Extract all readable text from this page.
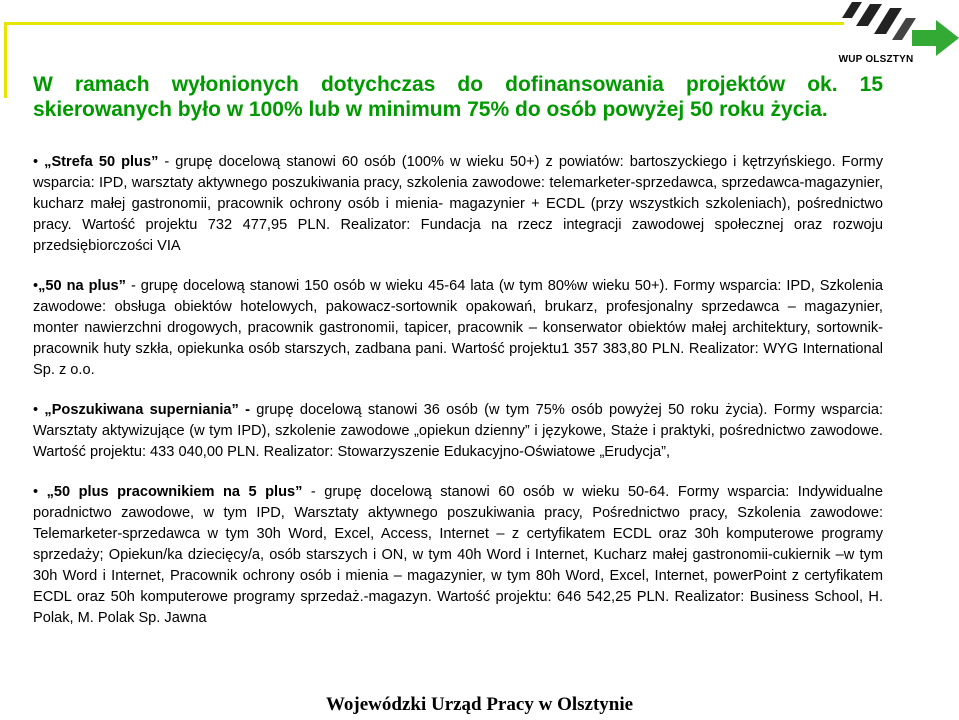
WUP OLSZTYN

W ramach wyłonionych dotychczas do dofinansowania projektów ok. 15 skierowanych było w 100% lub w minimum 75% do osób powyżej 50 roku życia.

• „Strefa 50 plus” - grupę docelową stanowi 60 osób (100% w wieku 50+) z powiatów: bartoszyckiego i kętrzyńskiego. Formy wsparcia: IPD, warsztaty aktywnego poszukiwania pracy, szkolenia zawodowe: telemarketer-sprzedawca, sprzedawca-magazynier, kucharz małej gastronomii, pracownik ochrony osób i mienia- magazynier + ECDL (przy wszystkich szkoleniach), pośrednictwo pracy. Wartość projektu 732 477,95 PLN. Realizator: Fundacja na rzecz integracji zawodowej społecznej oraz rozwoju przedsiębiorczości VIA

•„50 na plus” - grupę docelową stanowi 150 osób w wieku 45-64 lata (w tym 80%w wieku 50+). Formy wsparcia: IPD, Szkolenia zawodowe: obsługa obiektów hotelowych, pakowacz-sortownik opakowań, brukarz, profesjonalny sprzedawca – magazynier, monter nawierzchni drogowych, pracownik gastronomii, tapicer, pracownik – konserwator obiektów małej architektury, sortownik-pracownik huty szkła, opiekunka osób starszych, zadbana pani. Wartość projektu1 357 383,80 PLN. Realizator: WYG International Sp. z o.o.

• „Poszukiwana superniania” - grupę docelową stanowi 36 osób (w tym 75% osób powyżej 50 roku życia). Formy wsparcia: Warsztaty aktywizujące (w tym IPD), szkolenie zawodowe „opiekun dzienny” i językowe, Staże i praktyki, pośrednictwo zawodowe. Wartość projektu: 433 040,00 PLN. Realizator: Stowarzyszenie Edukacyjno-Oświatowe „Erudycja”,

• „50 plus pracownikiem na 5 plus” - grupę docelową stanowi 60 osób w wieku 50-64. Formy wsparcia: Indywidualne poradnictwo zawodowe, w tym IPD, Warsztaty aktywnego poszukiwania pracy, Pośrednictwo pracy, Szkolenia zawodowe: Telemarketer-sprzedawca w tym 30h Word, Excel, Access, Internet – z certyfikatem ECDL oraz 30h komputerowe programy sprzedaży; Opiekun/ka dziecięcy/a, osób starszych i ON, w tym 40h Word i Internet, Kucharz małej gastronomii-cukiernik –w tym 30h Word i Internet, Pracownik ochrony osób i mienia – magazynier, w tym 80h Word, Excel, Internet, powerPoint z certyfikatem ECDL oraz 50h komputerowe programy sprzedaż.-magazyn. Wartość projektu: 646 542,25 PLN. Realizator: Business School, H. Polak, M. Polak Sp. Jawna

Wojewódzki Urząd Pracy w Olsztynie
